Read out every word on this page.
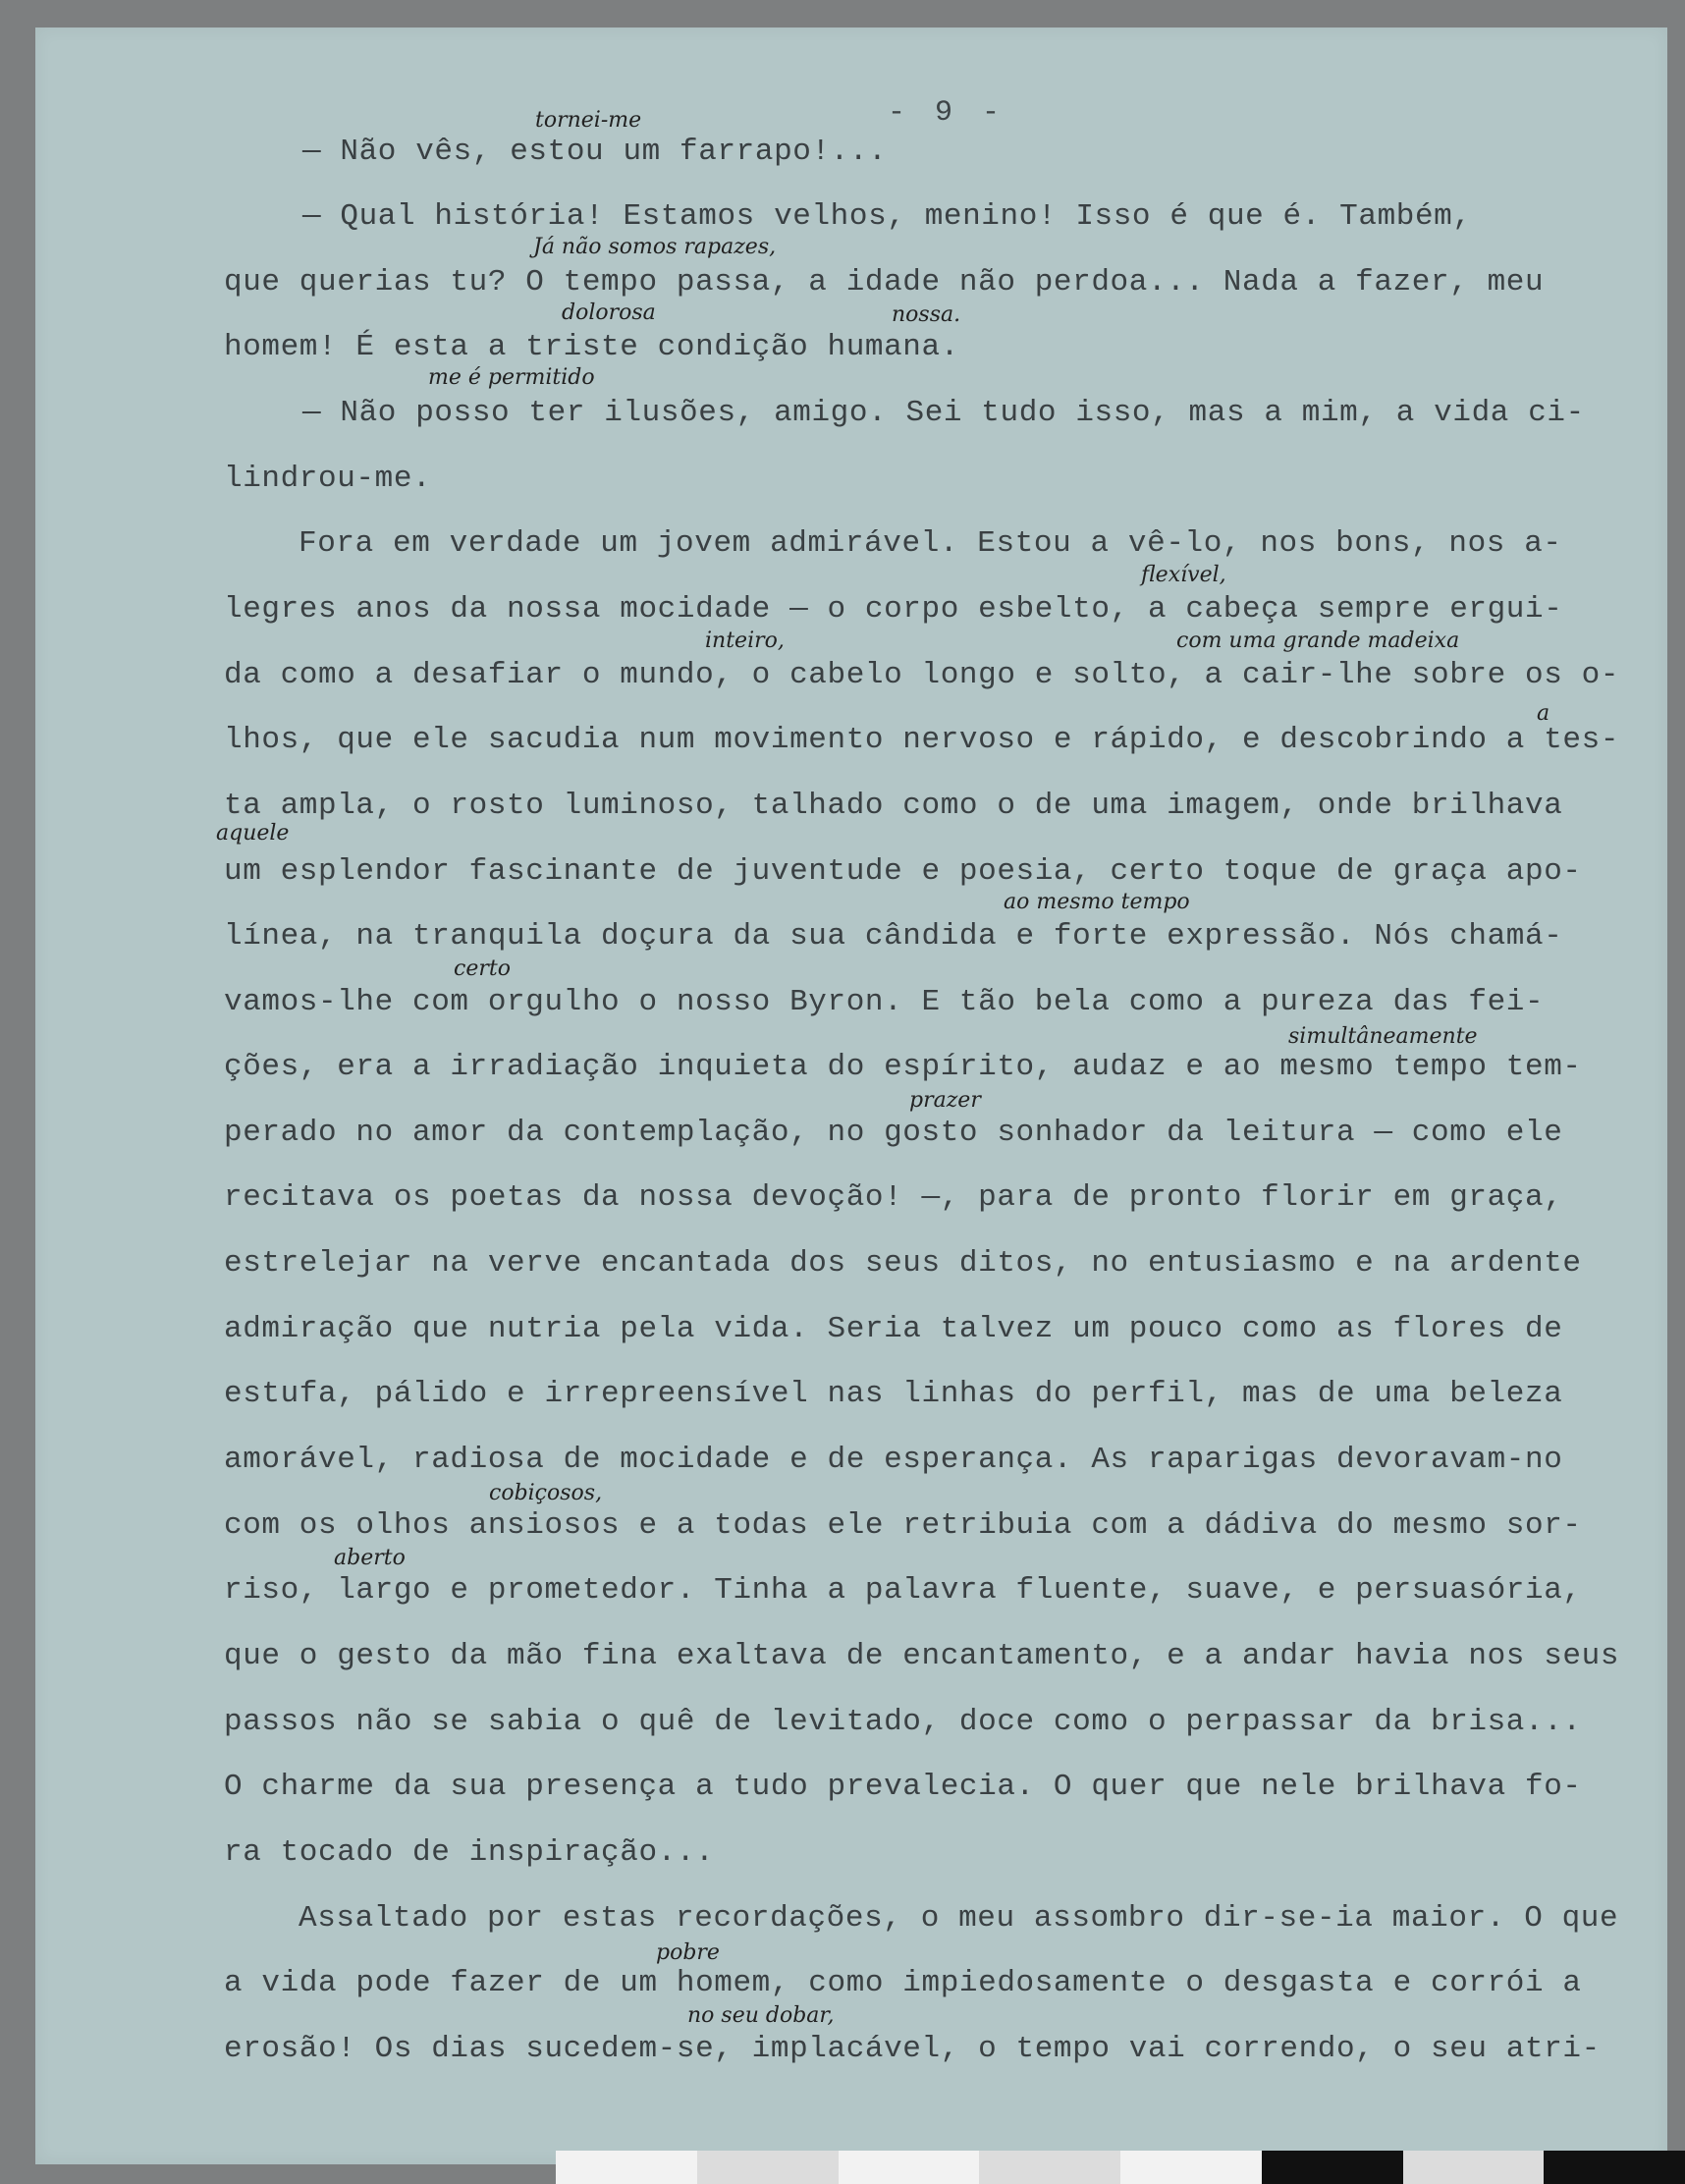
- 9 -
— Não vês, estou um farrapo!...
— Qual história! Estamos velhos, menino! Isso é que é. Também,
que querias tu? O tempo passa, a idade não perdoa... Nada a fazer, meu
homem! É esta a triste condição humana.
— Não posso ter ilusões, amigo. Sei tudo isso, mas a mim, a vida ci-
lindrou-me.
Fora em verdade um jovem admirável. Estou a vê-lo, nos bons, nos a-
legres anos da nossa mocidade — o corpo esbelto, a cabeça sempre ergui-
da como a desafiar o mundo, o cabelo longo e solto, a cair-lhe sobre os o-
lhos, que ele sacudia num movimento nervoso e rápido, e descobrindo a tes-
ta ampla, o rosto luminoso, talhado como o de uma imagem, onde brilhava
um esplendor fascinante de juventude e poesia, certo toque de graça apo-
línea, na tranquila doçura da sua cândida e forte expressão. Nós chamá-
vamos-lhe com orgulho o nosso Byron. E tão bela como a pureza das fei-
ções, era a irradiação inquieta do espírito, audaz e ao mesmo tempo tem-
perado no amor da contemplação, no gosto sonhador da leitura — como ele
recitava os poetas da nossa devoção! —, para de pronto florir em graça,
estrelejar na verve encantada dos seus ditos, no entusiasmo e na ardente
admiração que nutria pela vida. Seria talvez um pouco como as flores de
estufa, pálido e irrepreensível nas linhas do perfil, mas de uma beleza
amorável, radiosa de mocidade e de esperança. As raparigas devoravam-no
com os olhos ansiosos e a todas ele retribuia com a dádiva do mesmo sor-
riso, largo e prometedor. Tinha a palavra fluente, suave, e persuasória,
que o gesto da mão fina exaltava de encantamento, e a andar havia nos seus
passos não se sabia o quê de levitado, doce como o perpassar da brisa...
O charme da sua presença a tudo prevalecia. O quer que nele brilhava fo-
ra tocado de inspiração...
Assaltado por estas recordações, o meu assombro dir-se-ia maior. O que
a vida pode fazer de um homem, como impiedosamente o desgasta e corrói a
erosão! Os dias sucedem-se, implacável, o tempo vai correndo, o seu atri-
tornei-me
Já não somos rapazes,
dolorosa	nossa.
me é permitido
flexível,
com uma grande madeixa
inteiro,
a
aquele
ao mesmo tempo
certo
simultâneamente
prazer
cobiçosos,
aberto
pobre
no seu dobar,
